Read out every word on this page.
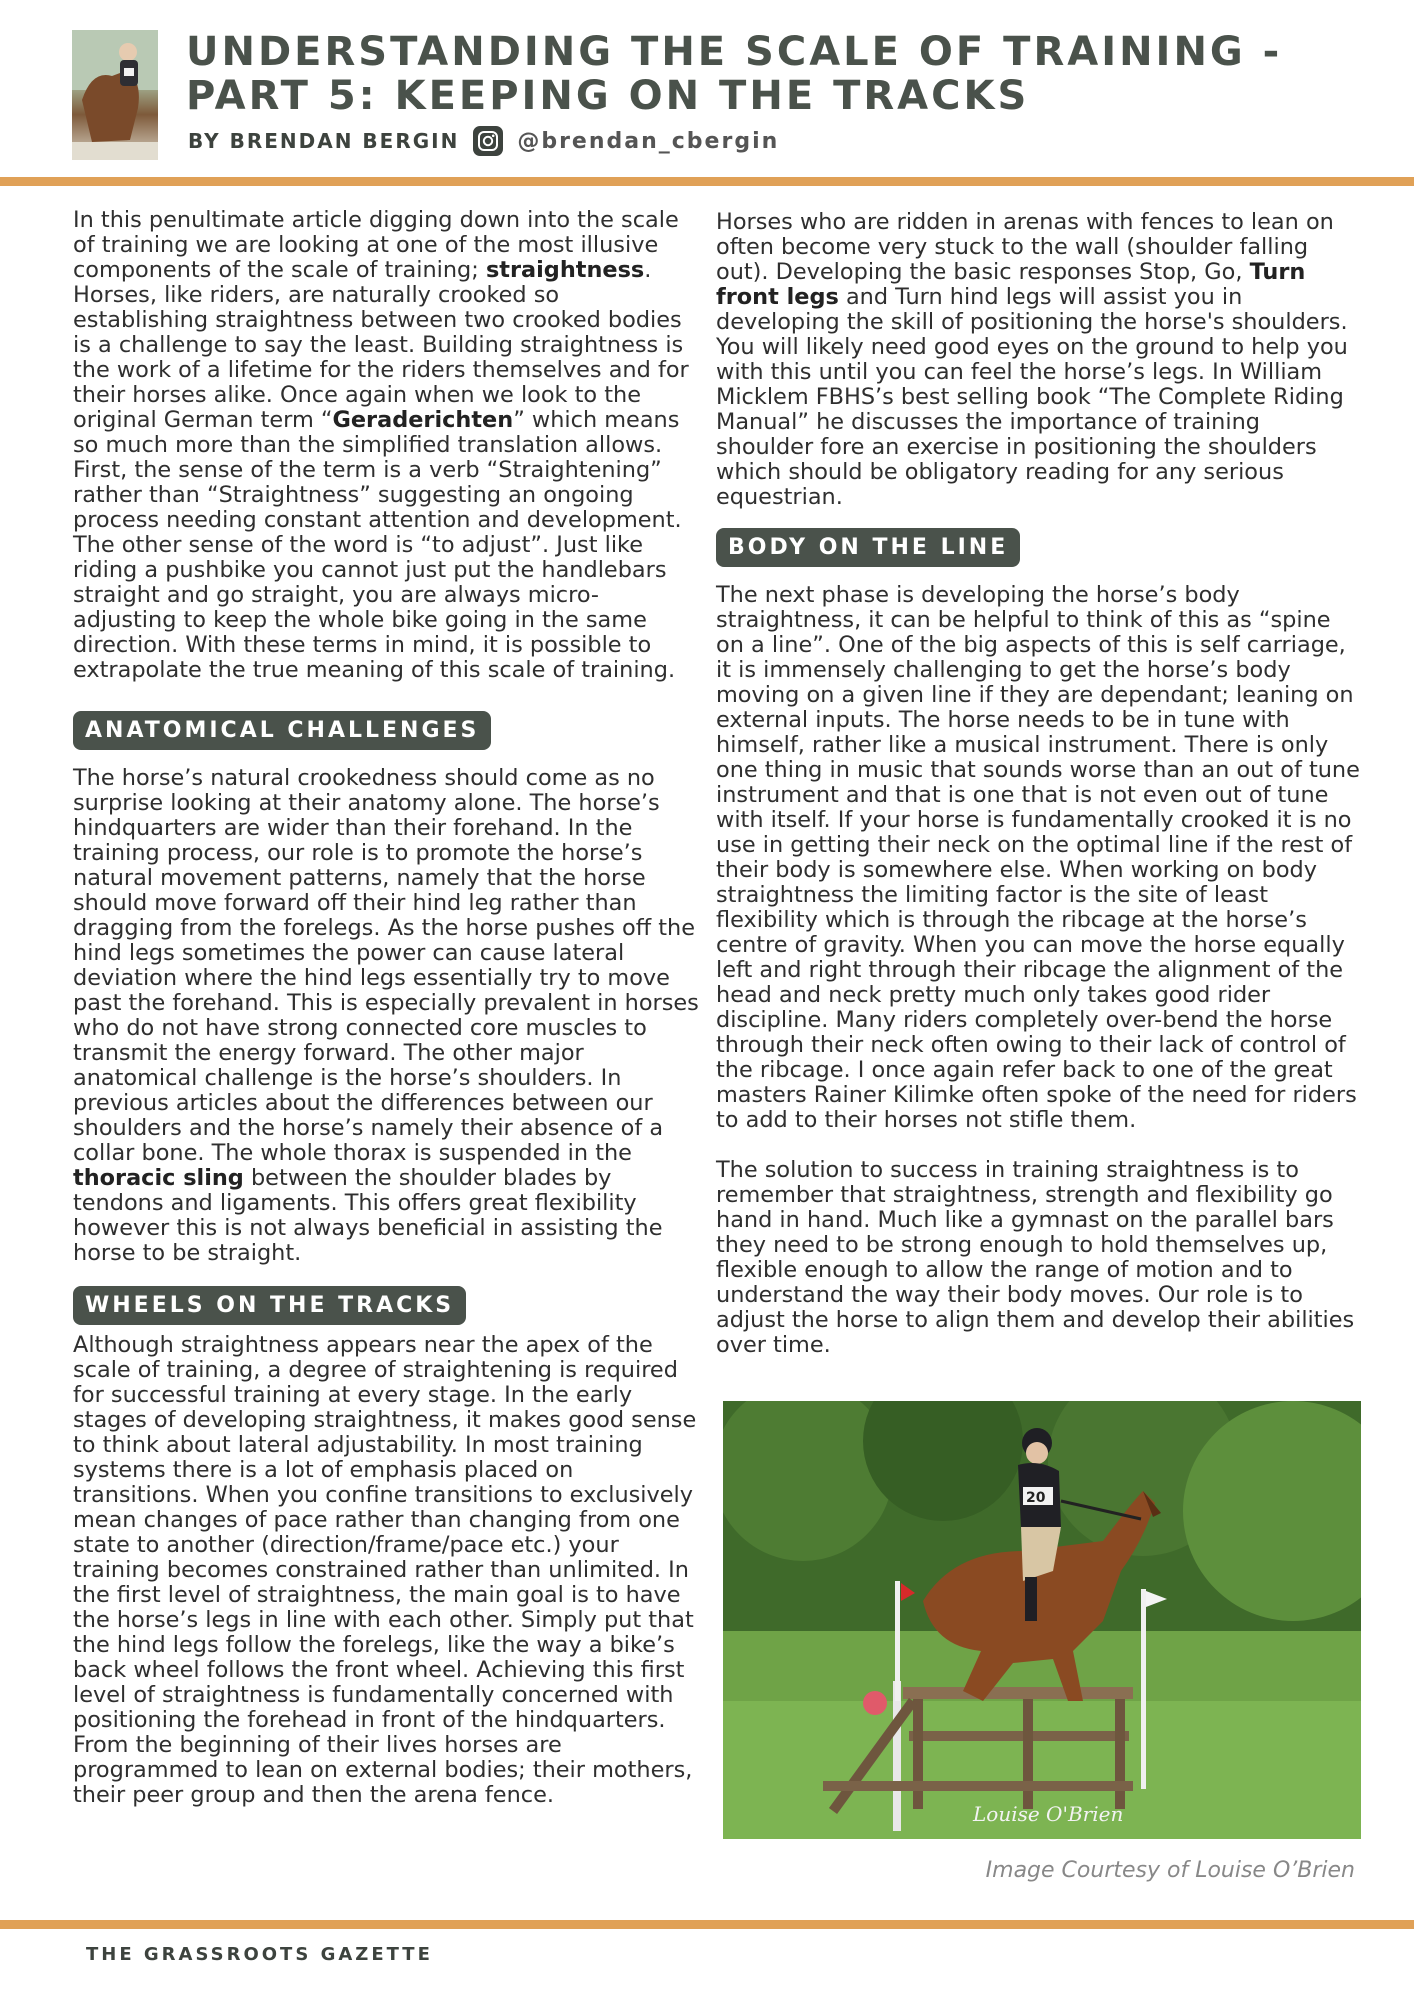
UNDERSTANDING THE SCALE OF TRAINING - PART 5: KEEPING ON THE TRACKS
BY BRENDAN BERGIN	@brendan_cbergin

In this penultimate article digging down into the scale of training we are looking at one of the most illusive components of the scale of training; straightness. Horses, like riders, are naturally crooked so establishing straightness between two crooked bodies is a challenge to say the least. Building straightness is the work of a lifetime for the riders themselves and for their horses alike. Once again when we look to the original German term “Geraderichten” which means so much more than the simplified translation allows. First, the sense of the term is a verb “Straightening” rather than “Straightness” suggesting an ongoing process needing constant attention and development. The other sense of the word is “to adjust”. Just like riding a pushbike you cannot just put the handlebars straight and go straight, you are always micro-adjusting to keep the whole bike going in the same direction. With these terms in mind, it is possible to extrapolate the true meaning of this scale of training.

ANATOMICAL CHALLENGES

The horse’s natural crookedness should come as no surprise looking at their anatomy alone. The horse’s hindquarters are wider than their forehand. In the training process, our role is to promote the horse’s natural movement patterns, namely that the horse should move forward off their hind leg rather than dragging from the forelegs. As the horse pushes off the hind legs sometimes the power can cause lateral deviation where the hind legs essentially try to move past the forehand. This is especially prevalent in horses who do not have strong connected core muscles to transmit the energy forward. The other major anatomical challenge is the horse’s shoulders. In previous articles about the differences between our shoulders and the horse’s namely their absence of a collar bone. The whole thorax is suspended in the thoracic sling between the shoulder blades by tendons and ligaments. This offers great flexibility however this is not always beneficial in assisting the horse to be straight.

WHEELS ON THE TRACKS

Although straightness appears near the apex of the scale of training, a degree of straightening is required for successful training at every stage. In the early stages of developing straightness, it makes good sense to think about lateral adjustability. In most training systems there is a lot of emphasis placed on transitions. When you confine transitions to exclusively mean changes of pace rather than changing from one state to another (direction/frame/pace etc.) your training becomes constrained rather than unlimited. In the first level of straightness, the main goal is to have the horse’s legs in line with each other. Simply put that the hind legs follow the forelegs, like the way a bike’s back wheel follows the front wheel. Achieving this first level of straightness is fundamentally concerned with positioning the forehead in front of the hindquarters. From the beginning of their lives horses are programmed to lean on external bodies; their mothers, their peer group and then the arena fence.

Horses who are ridden in arenas with fences to lean on often become very stuck to the wall (shoulder falling out). Developing the basic responses Stop, Go, Turn front legs and Turn hind legs will assist you in developing the skill of positioning the horse's shoulders. You will likely need good eyes on the ground to help you with this until you can feel the horse’s legs. In William Micklem FBHS’s best selling book “The Complete Riding Manual” he discusses the importance of training shoulder fore an exercise in positioning the shoulders which should be obligatory reading for any serious equestrian.

BODY ON THE LINE

The next phase is developing the horse’s body straightness, it can be helpful to think of this as “spine on a line”. One of the big aspects of this is self carriage, it is immensely challenging to get the horse’s body moving on a given line if they are dependant; leaning on external inputs. The horse needs to be in tune with himself, rather like a musical instrument. There is only one thing in music that sounds worse than an out of tune instrument and that is one that is not even out of tune with itself. If your horse is fundamentally crooked it is no use in getting their neck on the optimal line if the rest of their body is somewhere else. When working on body straightness the limiting factor is the site of least flexibility which is through the ribcage at the horse’s centre of gravity. When you can move the horse equally left and right through their ribcage the alignment of the head and neck pretty much only takes good rider discipline. Many riders completely over-bend the horse through their neck often owing to their lack of control of the ribcage. I once again refer back to one of the great masters Rainer Kilimke often spoke of the need for riders to add to their horses not stifle them.

The solution to success in training straightness is to remember that straightness, strength and flexibility go hand in hand. Much like a gymnast on the parallel bars they need to be strong enough to hold themselves up, flexible enough to allow the range of motion and to understand the way their body moves. Our role is to adjust the horse to align them and develop their abilities over time.

20
Louise O'Brien
Image Courtesy of Louise O’Brien
THE GRASSROOTS GAZETTE
